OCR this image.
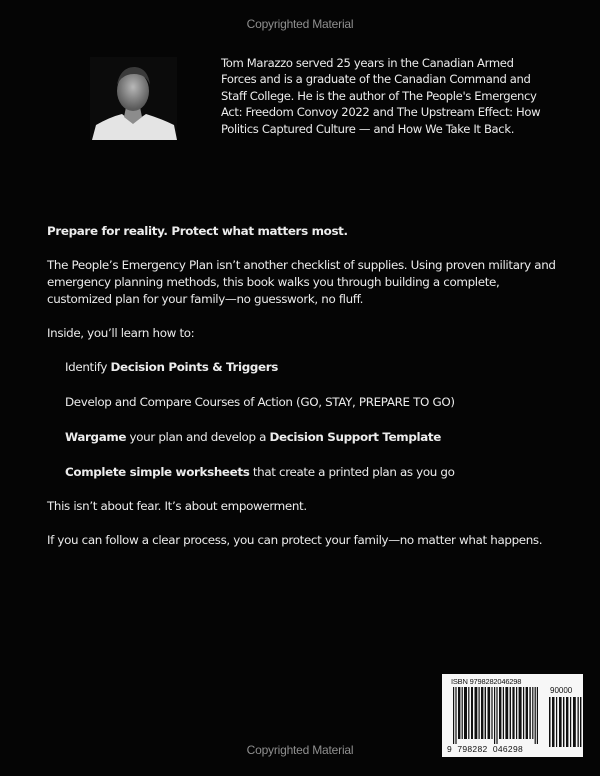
Copyrighted Material
Tom Marazzo served 25 years in the Canadian Armed Forces and is a graduate of the Canadian Command and Staff College. He is the author of The People's Emergency Act: Freedom Convoy 2022 and The Upstream Effect: How Politics Captured Culture — and How We Take It Back.

Prepare for reality. Protect what matters most.

The People’s Emergency Plan isn’t another checklist of supplies. Using proven military and emergency planning methods, this book walks you through building a complete, customized plan for your family—no guesswork, no fluff.

Inside, you’ll learn how to:

Identify Decision Points & Triggers

Develop and Compare Courses of Action (GO, STAY, PREPARE TO GO)

Wargame your plan and develop a Decision Support Template

Complete simple worksheets that create a printed plan as you go

This isn’t about fear. It’s about empowerment.

If you can follow a clear process, you can protect your family—no matter what happens.

ISBN 9798282046298
90000
9  798282  046298
Copyrighted Material
